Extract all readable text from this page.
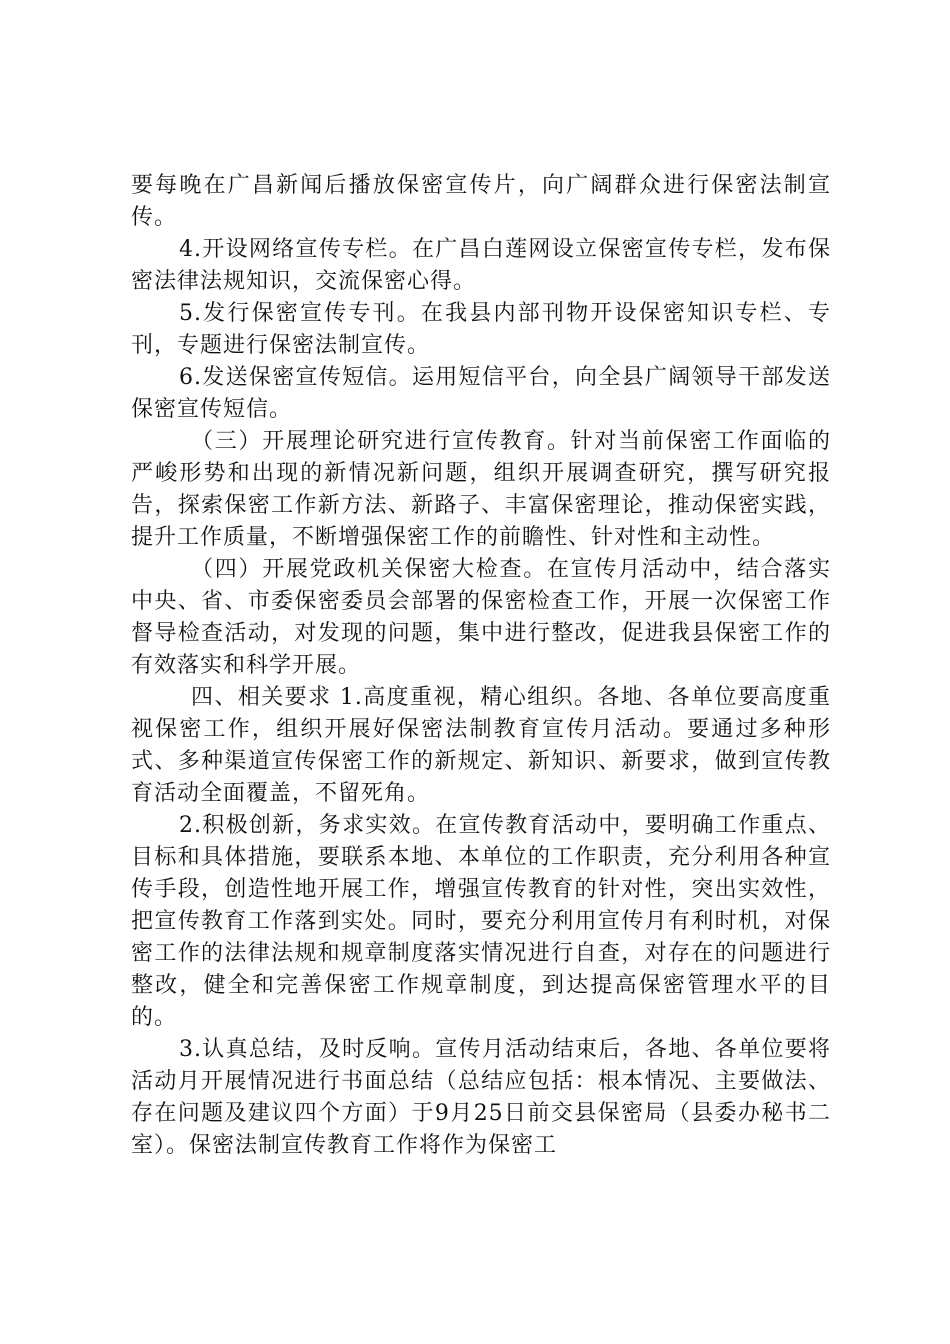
要每晚在广昌新闻后播放保密宣传片，向广阔群众进行保密法制宣传。

4.开设网络宣传专栏。在广昌白莲网设立保密宣传专栏，发布保密法律法规知识，交流保密心得。

5.发行保密宣传专刊。在我县内部刊物开设保密知识专栏、专刊，专题进行保密法制宣传。

6.发送保密宣传短信。运用短信平台，向全县广阔领导干部发送保密宣传短信。

（三）开展理论研究进行宣传教育。针对当前保密工作面临的严峻形势和出现的新情况新问题，组织开展调查研究，撰写研究报告，探索保密工作新方法、新路子、丰富保密理论，推动保密实践，提升工作质量，不断增强保密工作的前瞻性、针对性和主动性。

（四）开展党政机关保密大检查。在宣传月活动中，结合落实中央、省、市委保密委员会部署的保密检查工作，开展一次保密工作督导检查活动，对发现的问题，集中进行整改，促进我县保密工作的有效落实和科学开展。

四、相关要求 1.高度重视，精心组织。各地、各单位要高度重视保密工作，组织开展好保密法制教育宣传月活动。要通过多种形式、多种渠道宣传保密工作的新规定、新知识、新要求，做到宣传教育活动全面覆盖，不留死角。

2.积极创新，务求实效。在宣传教育活动中，要明确工作重点、目标和具体措施，要联系本地、本单位的工作职责，充分利用各种宣传手段，创造性地开展工作，增强宣传教育的针对性，突出实效性，把宣传教育工作落到实处。同时，要充分利用宣传月有利时机，对保密工作的法律法规和规章制度落实情况进行自查，对存在的问题进行整改，健全和完善保密工作规章制度，到达提高保密管理水平的目的。

3.认真总结，及时反响。宣传月活动结束后，各地、各单位要将活动月开展情况进行书面总结（总结应包括：根本情况、主要做法、存在问题及建议四个方面）于9月25日前交县保密局（县委办秘书二室）。保密法制宣传教育工作将作为保密工
